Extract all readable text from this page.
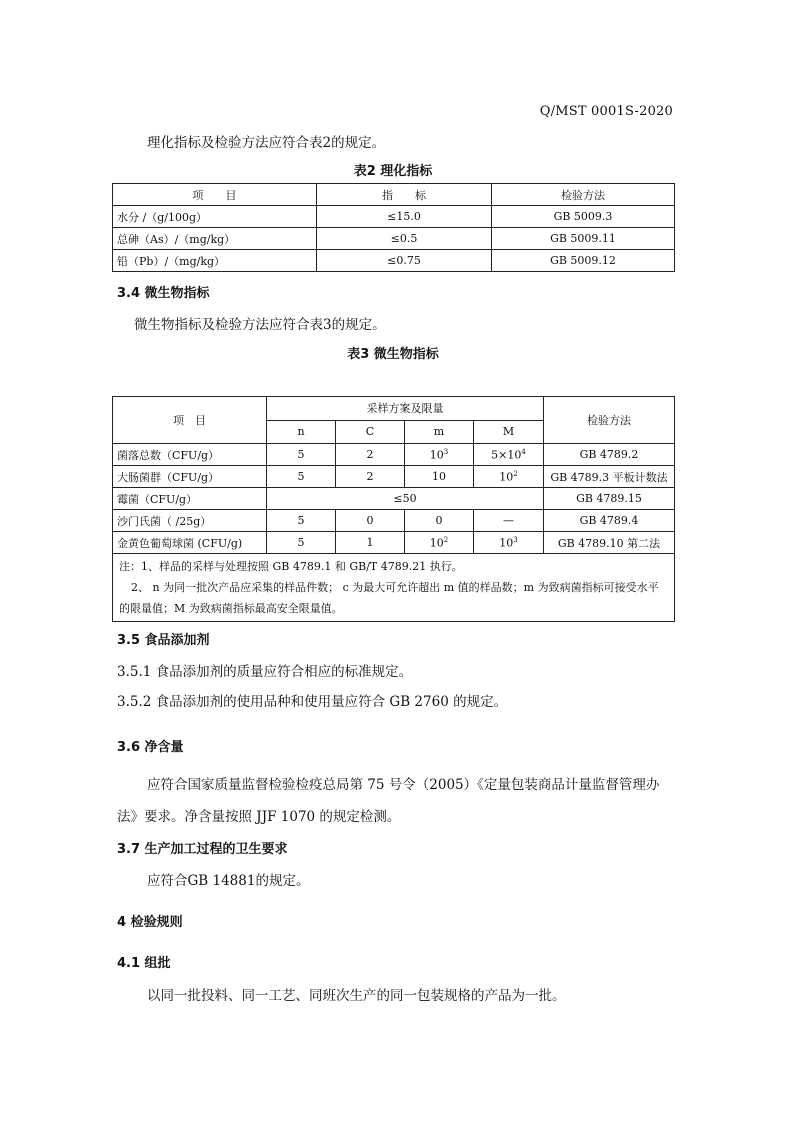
Q/MST 0001S-2020
理化指标及检验方法应符合表2的规定。
表2 理化指标
项　　目	指　　标	检验方法
水分 /（g/100g）	≤15.0	GB 5009.3
总砷（As）/（mg/kg）	≤0.5	GB 5009.11
铅（Pb）/（mg/kg）	≤0.75	GB 5009.12
3.4 微生物指标
微生物指标及检验方法应符合表3的规定。
表3 微生物指标
项　目	采样方案及限量				检验方法
	n	C	m	M	
菌落总数（CFU/g）	5	2	$10^3$	$5\times 10^4$	GB 4789.2
大肠菌群（CFU/g）	5	2	10	$10^2$	GB 4789.3 平板计数法
霉菌（CFU/g）	≤50				GB 4789.15
沙门氏菌（ /25g）	5	0	0	—	GB 4789.4
金黄色葡萄球菌 (CFU/g)	5	1	$10^2$	$10^3$	GB 4789.10 第二法

注：1、样品的采样与处理按照 GB 4789.1 和 GB/T 4789.21 执行。
2、 n 为同一批次产品应采集的样品件数； c 为最大可允许超出 m 值的样品数；m 为致病菌指标可接受水平的限量值；M 为致病菌指标最高安全限量值。					
3.5 食品添加剂
3.5.1 食品添加剂的质量应符合相应的标准规定。
3.5.2 食品添加剂的使用品种和使用量应符合 GB 2760 的规定。
3.6 净含量
应符合国家质量监督检验检疫总局第 75 号令（2005）《定量包装商品计量监督管理办
法》要求。净含量按照 JJF 1070 的规定检测。
3.7 生产加工过程的卫生要求
应符合GB 14881的规定。
4 检验规则
4.1 组批
以同一批投料、同一工艺、同班次生产的同一包装规格的产品为一批。
